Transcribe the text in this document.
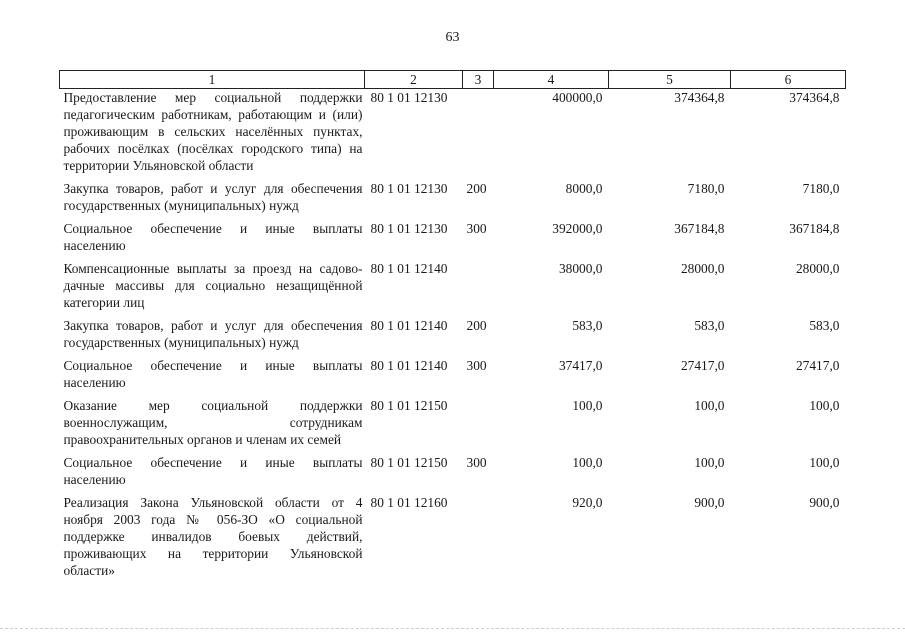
63
1	2	3	4	5	6
Предоставление мер социальной поддержки педагогическим работникам, работающим и (или) проживающим в сельских населённых пунктах, рабочих посёлках (посёлках городского типа) на территории Ульяновской области	80 1 01 12130		400000,0	374364,8	374364,8
Закупка товаров, работ и услуг для обеспечения государственных (муниципальных) нужд	80 1 01 12130	200	8000,0	7180,0	7180,0
Социальное обеспечение и иные выплаты населению	80 1 01 12130	300	392000,0	367184,8	367184,8
Компенсационные выплаты за проезд на садово-дачные массивы для социально незащищённой категории лиц	80 1 01 12140		38000,0	28000,0	28000,0
Закупка товаров, работ и услуг для обеспечения государственных (муниципальных) нужд	80 1 01 12140	200	583,0	583,0	583,0
Социальное обеспечение и иные выплаты населению	80 1 01 12140	300	37417,0	27417,0	27417,0
Оказание мер социальной поддержки военнослужащим, сотрудникам правоохранительных органов и членам их семей	80 1 01 12150		100,0	100,0	100,0
Социальное обеспечение и иные выплаты населению	80 1 01 12150	300	100,0	100,0	100,0
Реализация Закона Ульяновской области от 4 ноября 2003 года № 056-ЗО «О социальной поддержке инвалидов боевых действий, проживающих на территории Ульяновской области»	80 1 01 12160		920,0	900,0	900,0
